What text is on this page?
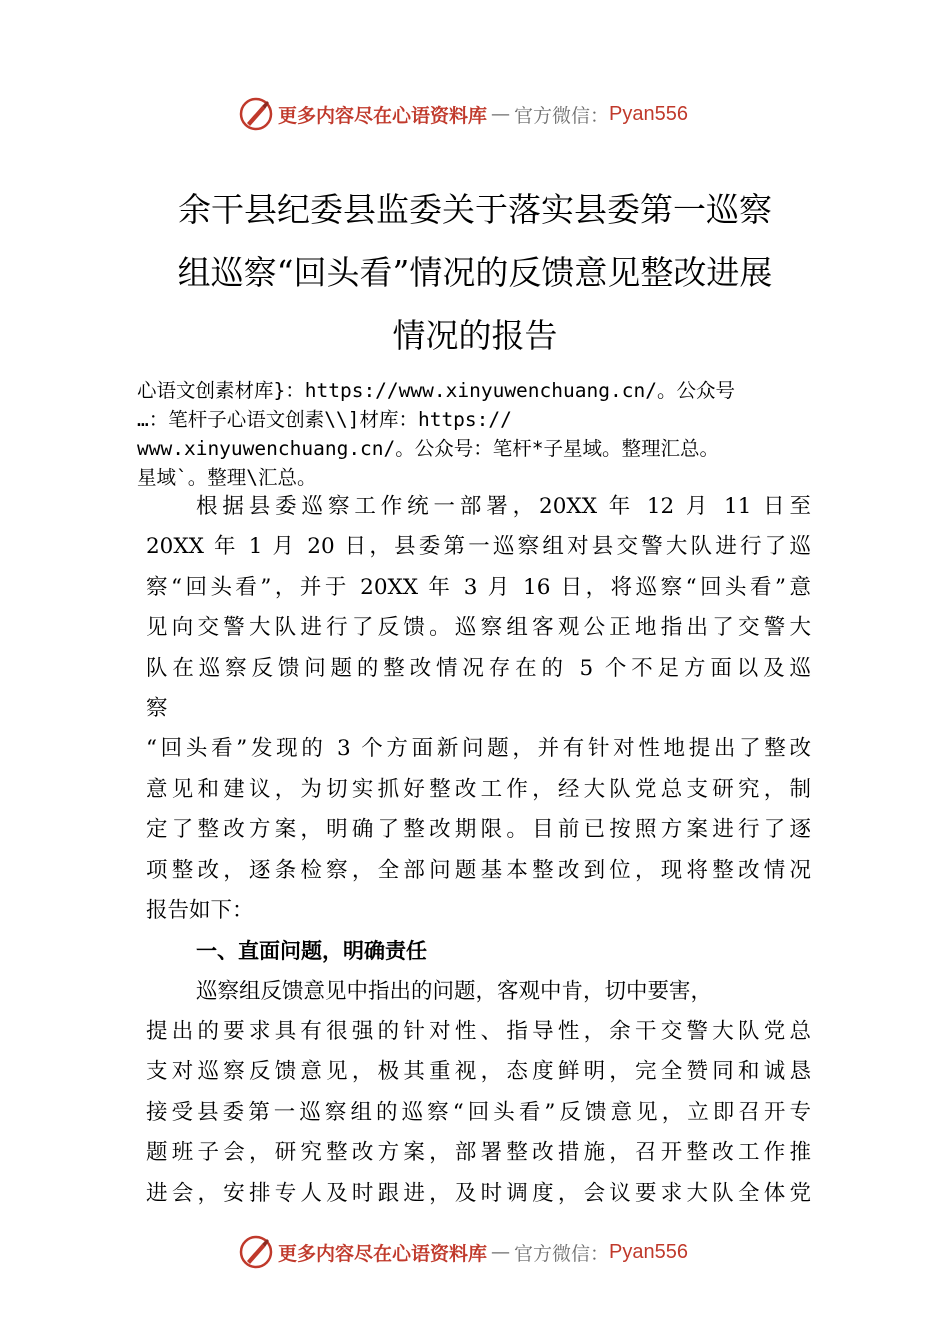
更多内容尽在心语资料库 — 官方微信： Pyan556
余干县纪委县监委关于落实县委第一巡察
组巡察“回头看”情况的反馈意见整改进展
情况的报告
心语文创素材库}：https://www.xinyuwenchuang.cn/。公众号
…：笔杆子心语文创素\\]材库：https://
www.xinyuwenchuang.cn/。公众号：笔杆*子星域。整理汇总。
星域`。整理\汇总。
根据县委巡察工作统一部署，20XX 年 12 月 11 日至
20XX 年 1 月 20 日，县委第一巡察组对县交警大队进行了巡
察“回头看”，并于 20XX 年 3 月 16 日，将巡察“回头看”意
见向交警大队进行了反馈。巡察组客观公正地指出了交警大
队在巡察反馈问题的整改情况存在的 5 个不足方面以及巡
察
“回头看”发现的 3 个方面新问题，并有针对性地提出了整改
意见和建议，为切实抓好整改工作，经大队党总支研究，制
定了整改方案，明确了整改期限。目前已按照方案进行了逐
项整改，逐条检察，全部问题基本整改到位，现将整改情况
报告如下：
一、直面问题，明确责任
巡察组反馈意见中指出的问题，客观中肯，切中要害，
提出的要求具有很强的针对性、指导性，余干交警大队党总
支对巡察反馈意见，极其重视，态度鲜明，完全赞同和诚恳
接受县委第一巡察组的巡察“回头看”反馈意见，立即召开专
题班子会，研究整改方案，部署整改措施，召开整改工作推
进会，安排专人及时跟进，及时调度，会议要求大队全体党
更多内容尽在心语资料库 — 官方微信： Pyan556
